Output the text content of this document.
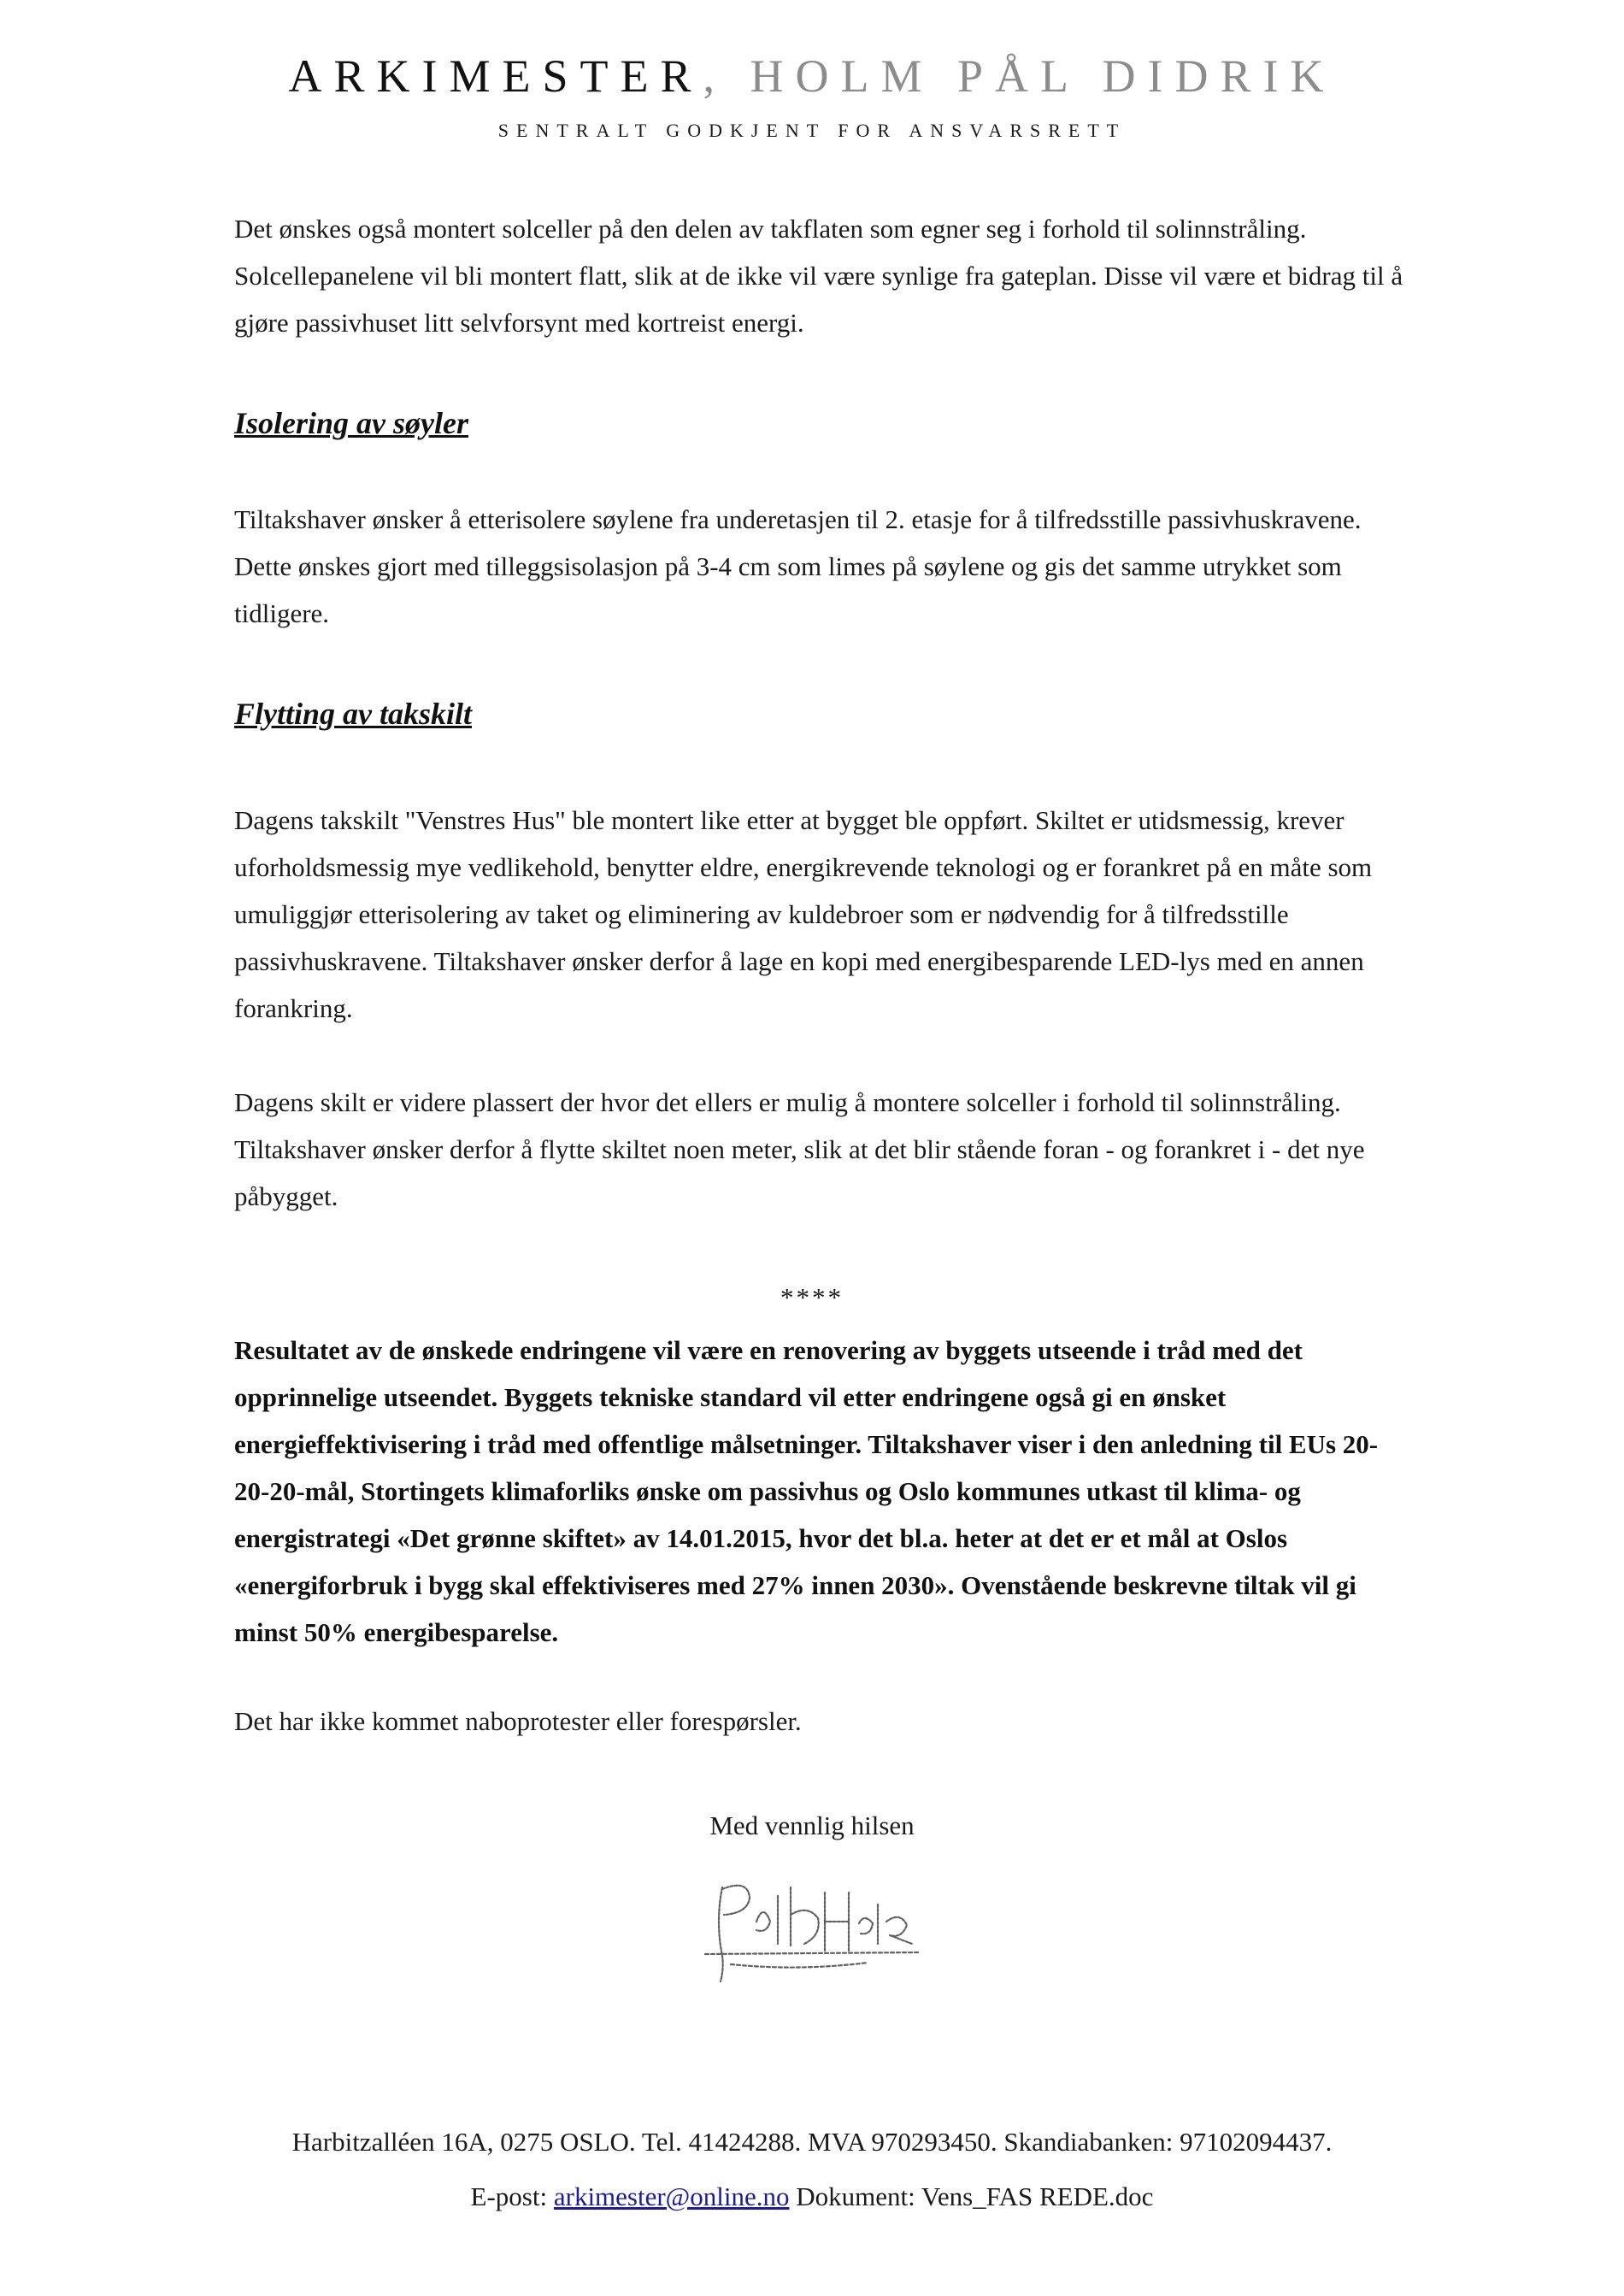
ARKIMESTER, HOLM PÅL DIDRIK
SENTRALT GODKJENT FOR ANSVARSRETT

Det ønskes også montert solceller på den delen av takflaten som egner seg i forhold til solinnstråling. Solcellepanelene vil bli montert flatt, slik at de ikke vil være synlige fra gateplan. Disse vil være et bidrag til å gjøre passivhuset litt selvforsynt med kortreist energi.

Isolering av søyler

Tiltakshaver ønsker å etterisolere søylene fra underetasjen til 2. etasje for å tilfredsstille passivhuskravene. Dette ønskes gjort med tilleggsisolasjon på 3-4 cm som limes på søylene og gis det samme utrykket som tidligere.

Flytting av takskilt

Dagens takskilt "Venstres Hus" ble montert like etter at bygget ble oppført. Skiltet er utidsmessig, krever uforholdsmessig mye vedlikehold, benytter eldre, energikrevende teknologi og er forankret på en måte som umuliggjør etterisolering av taket og eliminering av kuldebroer som er nødvendig for å tilfredsstille passivhuskravene. Tiltakshaver ønsker derfor å lage en kopi med energibesparende LED-lys med en annen forankring.

Dagens skilt er videre plassert der hvor det ellers er mulig å montere solceller i forhold til solinnstråling. Tiltakshaver ønsker derfor å flytte skiltet noen meter, slik at det blir stående foran - og forankret i - det nye påbygget.

****

Resultatet av de ønskede endringene vil være en renovering av byggets utseende i tråd med det opprinnelige utseendet. Byggets tekniske standard vil etter endringene også gi en ønsket energieffektivisering i tråd med offentlige målsetninger. Tiltakshaver viser i den anledning til EUs 20-20-20-mål, Stortingets klimaforliks ønske om passivhus og Oslo kommunes utkast til klima- og energistrategi «Det grønne skiftet» av 14.01.2015, hvor det bl.a. heter at det er et mål at Oslos «energiforbruk i bygg skal effektiviseres med 27% innen 2030». Ovenstående beskrevne tiltak vil gi minst 50% energibesparelse.

Det har ikke kommet naboprotester eller forespørsler.

Med vennlig hilsen
Harbitzalléen 16A, 0275 OSLO. Tel. 41424288. MVA 970293450. Skandiabanken: 97102094437.
E-post: arkimester@online.no Dokument: Vens_FAS REDE.doc
